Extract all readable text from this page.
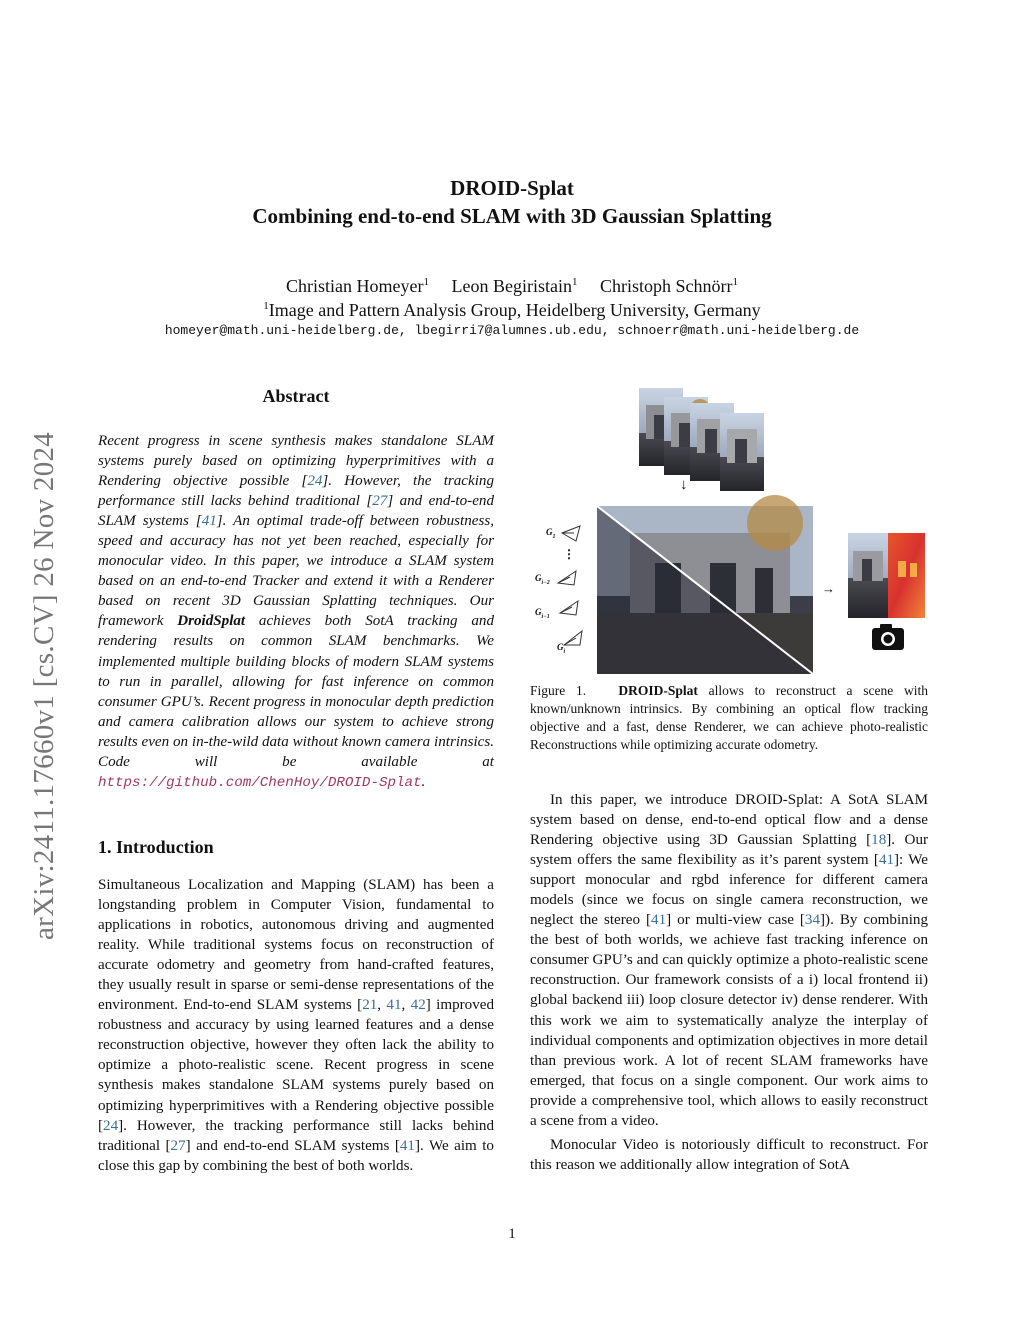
arXiv:2411.17660v1 [cs.CV] 26 Nov 2024
DROID-Splat
Combining end-to-end SLAM with 3D Gaussian Splatting
Christian Homeyer$^1$ Leon Begiristain$^1$ Christoph Schnörr$^1$
$^1$Image and Pattern Analysis Group, Heidelberg University, Germany
homeyer@math.uni-heidelberg.de, lbegirri7@alumnes.ub.edu, schnoerr@math.uni-heidelberg.de
Abstract

Recent progress in scene synthesis makes standalone SLAM systems purely based on optimizing hyperprimitives with a Rendering objective possible [24]. However, the tracking performance still lacks behind traditional [27] and end-to-end SLAM systems [41]. An optimal trade-off between robustness, speed and accuracy has not yet been reached, especially for monocular video. In this paper, we introduce a SLAM system based on an end-to-end Tracker and extend it with a Renderer based on recent 3D Gaussian Splatting techniques. Our framework DroidSplat achieves both SotA tracking and rendering results on common SLAM benchmarks. We implemented multiple building blocks of modern SLAM systems to run in parallel, allowing for fast inference on common consumer GPU’s. Recent progress in monocular depth prediction and camera calibration allows our system to achieve strong results even on in-the-wild data without known camera intrinsics. Code will be available at https://github.com/ChenHoy/DROID-Splat.

1. Introduction

Simultaneous Localization and Mapping (SLAM) has been a longstanding problem in Computer Vision, fundamental to applications in robotics, autonomous driving and augmented reality. While traditional systems focus on reconstruction of accurate odometry and geometry from hand-crafted features, they usually result in sparse or semi-dense representations of the environment. End-to-end SLAM systems [21, 41, 42] improved robustness and accuracy by using learned features and a dense reconstruction objective, however they often lack the ability to optimize a photo-realistic scene. Recent progress in scene synthesis makes standalone SLAM systems purely based on optimizing hyperprimitives with a Rendering objective possible [24]. However, the tracking performance still lacks behind traditional [27] and end-to-end SLAM systems [41]. We aim to close this gap by combining the best of both worlds.

↓
→
$G_1$
⋮
$G_{i-2}$
$G_{i-1}$
$G_i$
Figure 1. DROID-Splat allows to reconstruct a scene with known/unknown intrinsics. By combining an optical flow tracking objective and a fast, dense Renderer, we can achieve photo-realistic Reconstructions while optimizing accurate odometry.

In this paper, we introduce DROID-Splat: A SotA SLAM system based on dense, end-to-end optical flow and a dense Rendering objective using 3D Gaussian Splatting [18]. Our system offers the same flexibility as it’s parent system [41]: We support monocular and rgbd inference for different camera models (since we focus on single camera reconstruction, we neglect the stereo [41] or multi-view case [34]). By combining the best of both worlds, we achieve fast tracking inference on consumer GPU’s and can quickly optimize a photo-realistic scene reconstruction. Our framework consists of a i) local frontend ii) global backend iii) loop closure detector iv) dense renderer. With this work we aim to systematically analyze the interplay of individual components and optimization objectives in more detail than previous work. A lot of recent SLAM frameworks have emerged, that focus on a single component. Our work aims to provide a comprehensive tool, which allows to easily reconstruct a scene from a video.

Monocular Video is notoriously difficult to reconstruct. For this reason we additionally allow integration of SotA

1
